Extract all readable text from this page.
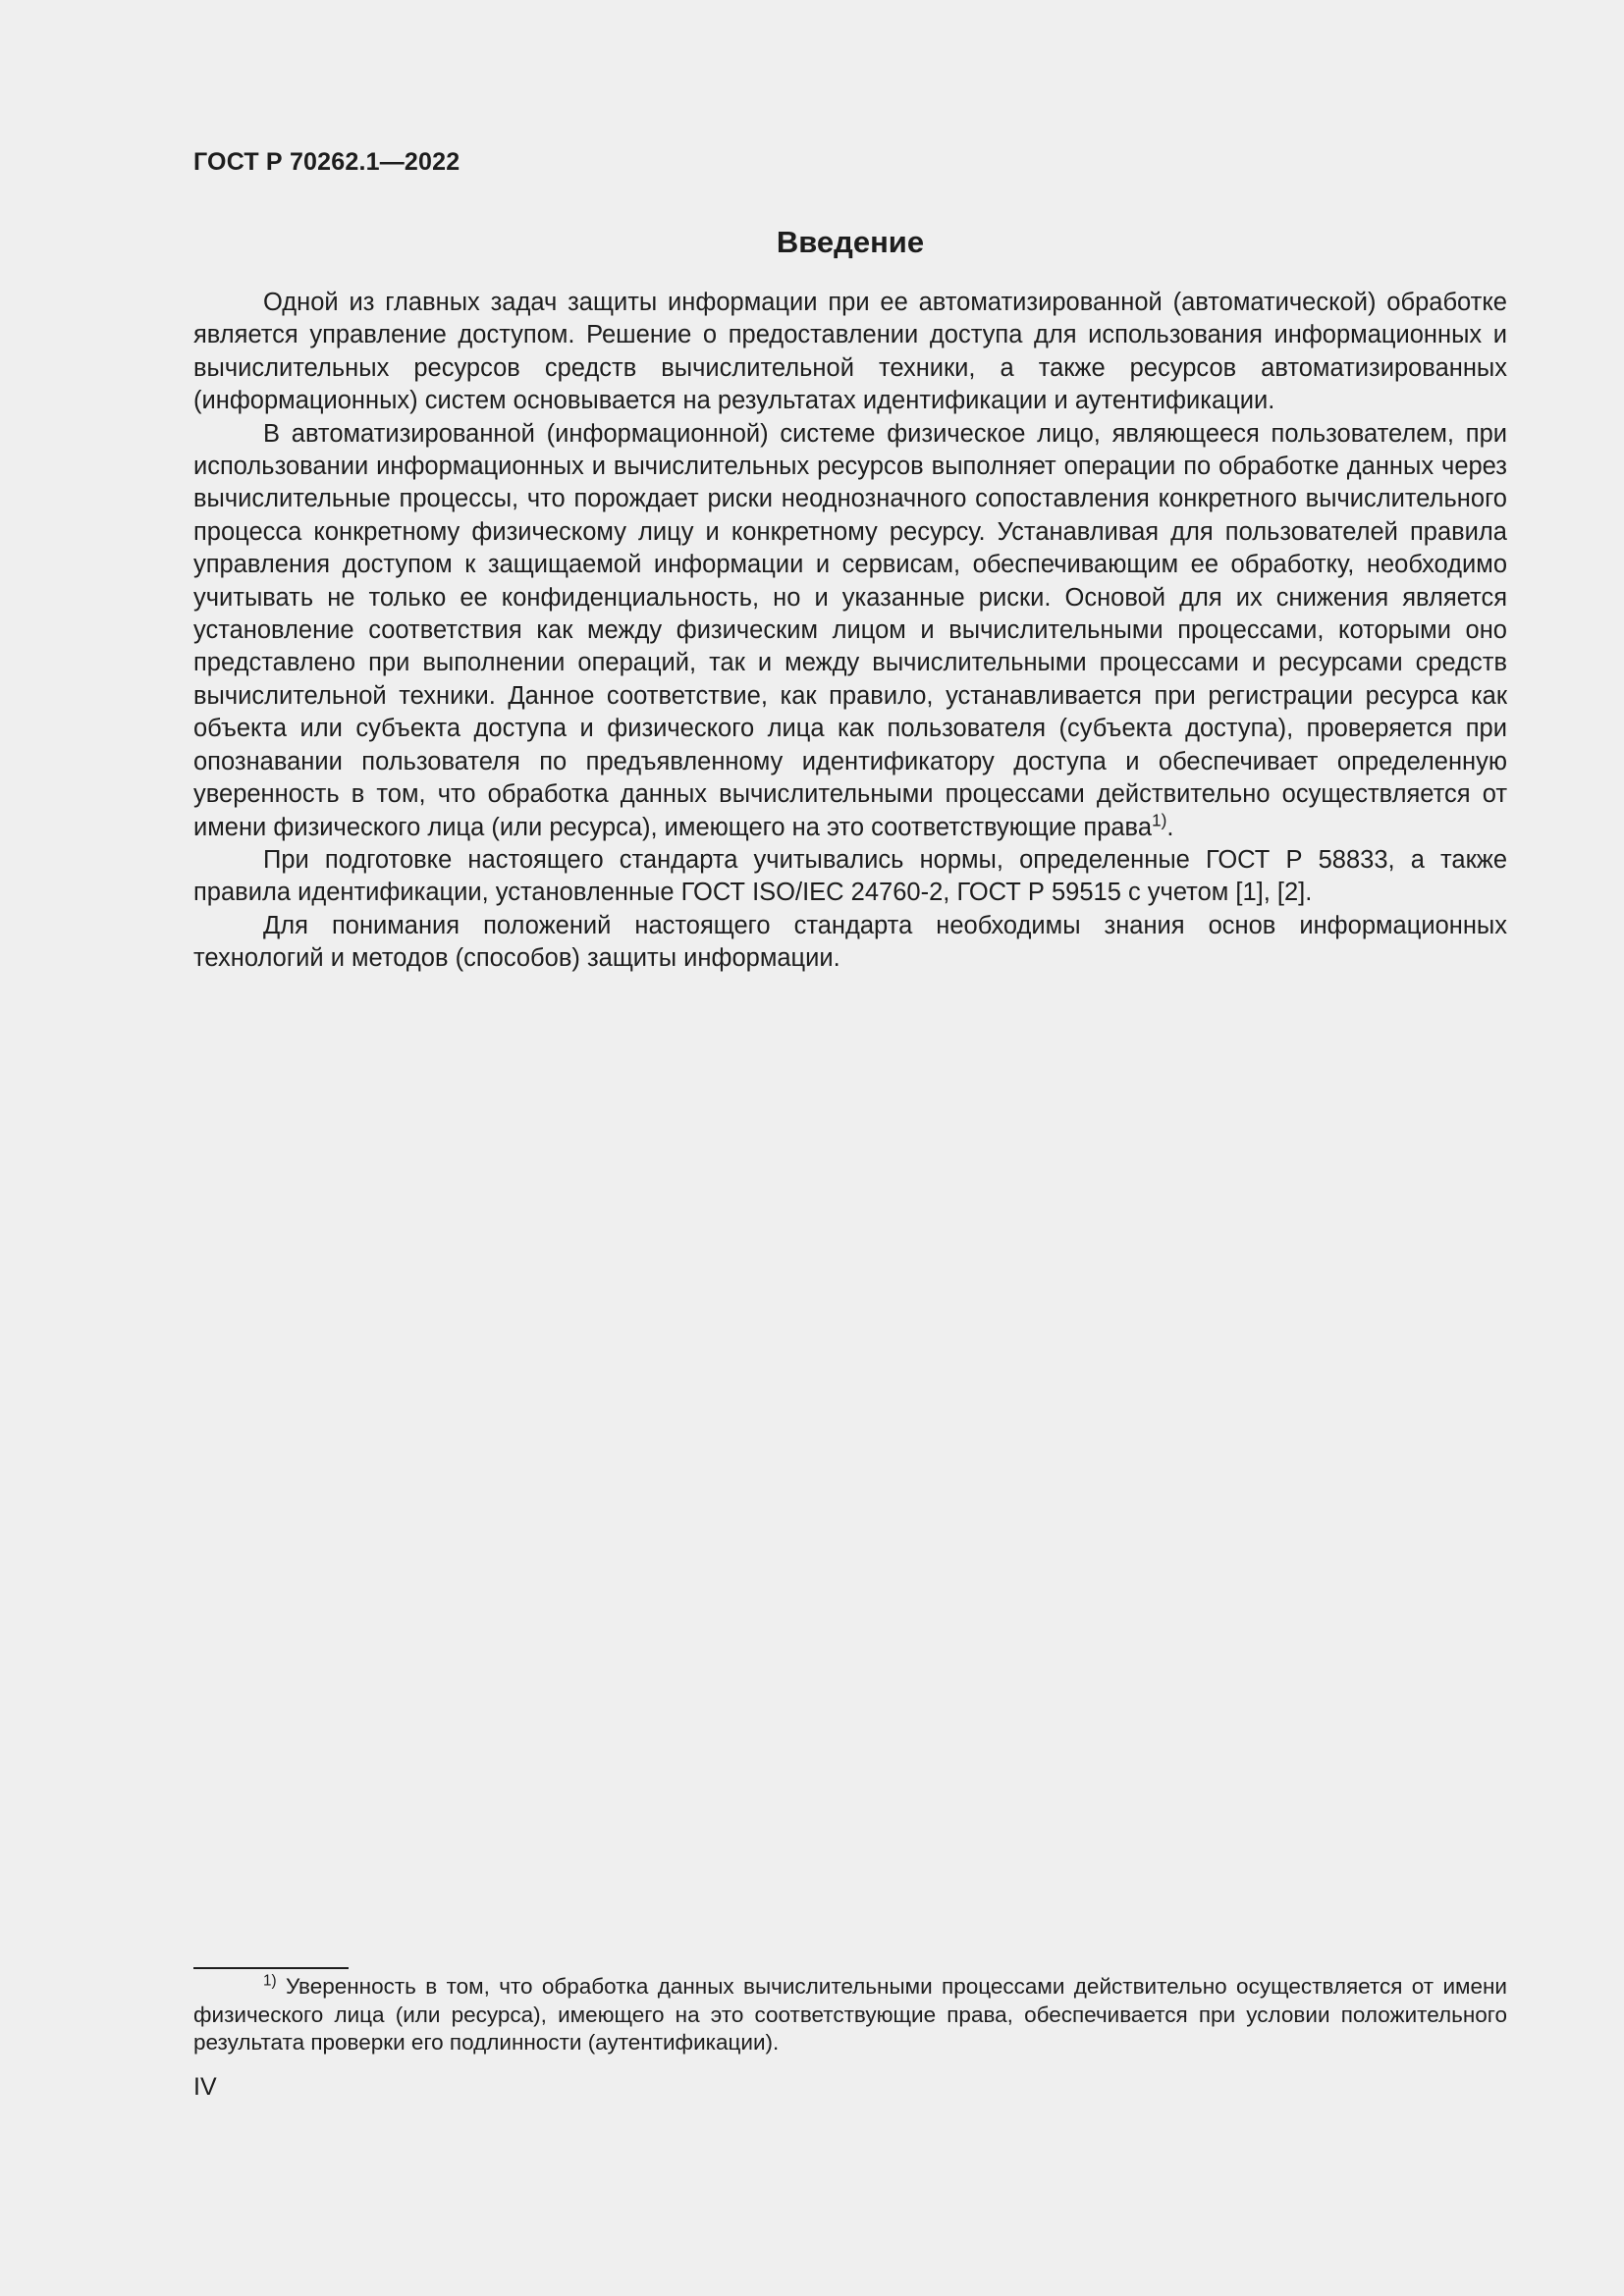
ГОСТ Р 70262.1—2022
Введение

Одной из главных задач защиты информации при ее автоматизированной (автоматической) обработке является управление доступом. Решение о предоставлении доступа для использования информационных и вычислительных ресурсов средств вычислительной техники, а также ресурсов автоматизированных (информационных) систем основывается на результатах идентификации и аутентификации.

В автоматизированной (информационной) системе физическое лицо, являющееся пользователем, при использовании информационных и вычислительных ресурсов выполняет операции по обработке данных через вычислительные процессы, что порождает риски неоднозначного сопоставления конкретного вычислительного процесса конкретному физическому лицу и конкретному ресурсу. Устанавливая для пользователей правила управления доступом к защищаемой информации и сервисам, обеспечивающим ее обработку, необходимо учитывать не только ее конфиденциальность, но и указанные риски. Основой для их снижения является установление соответствия как между физическим лицом и вычислительными процессами, которыми оно представлено при выполнении операций, так и между вычислительными процессами и ресурсами средств вычислительной техники. Данное соответствие, как правило, устанавливается при регистрации ресурса как объекта или субъекта доступа и физического лица как пользователя (субъекта доступа), проверяется при опознавании пользователя по предъявленному идентификатору доступа и обеспечивает определенную уверенность в том, что обработка данных вычислительными процессами действительно осуществляется от имени физического лица (или ресурса), имеющего на это соответствующие права$^{1)}$.

При подготовке настоящего стандарта учитывались нормы, определенные ГОСТ Р 58833, а также правила идентификации, установленные ГОСТ ISO/IEC 24760-2, ГОСТ Р 59515 с учетом [1], [2].

Для понимания положений настоящего стандарта необходимы знания основ информационных технологий и методов (способов) защиты информации.

$^{1)}$ Уверенность в том, что обработка данных вычислительными процессами действительно осуществляется от имени физического лица (или ресурса), имеющего на это соответствующие права, обеспечивается при условии положительного результата проверки его подлинности (аутентификации).

IV
